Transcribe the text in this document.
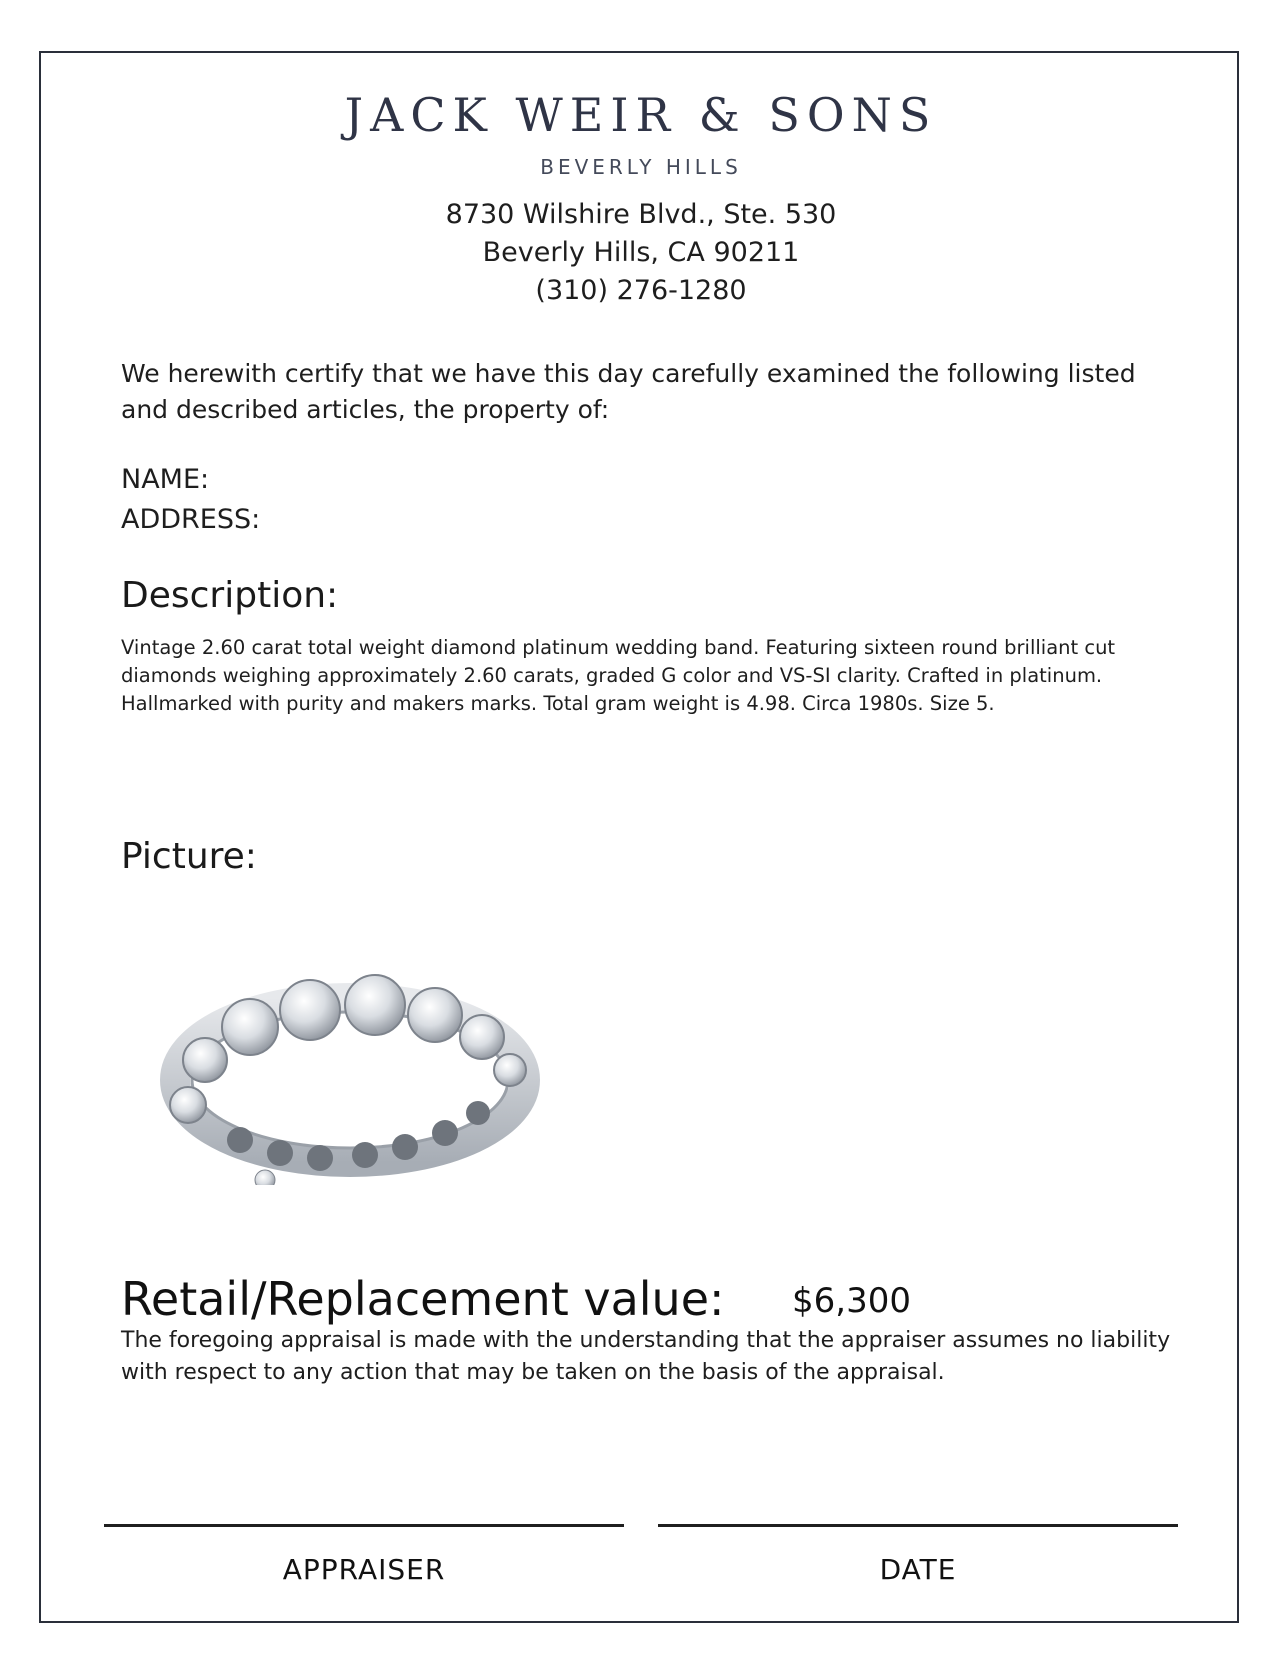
JACK WEIR & SONS
BEVERLY HILLS
8730 Wilshire Blvd., Ste. 530
Beverly Hills, CA 90211
(310) 276-1280
We herewith certify that we have this day carefully examined the following listed and described articles, the property of:
NAME:
ADDRESS:
Description:
Vintage 2.60 carat total weight diamond platinum wedding band. Featuring sixteen round brilliant cut diamonds weighing approximately 2.60 carats, graded G color and VS-SI clarity. Crafted in platinum. Hallmarked with purity and makers marks. Total gram weight is 4.98. Circa 1980s. Size 5.
Picture:
Retail/Replacement value: $6,300
The foregoing appraisal is made with the understanding that the appraiser assumes no liability with respect to any action that may be taken on the basis of the appraisal.
APPRAISER	DATE
